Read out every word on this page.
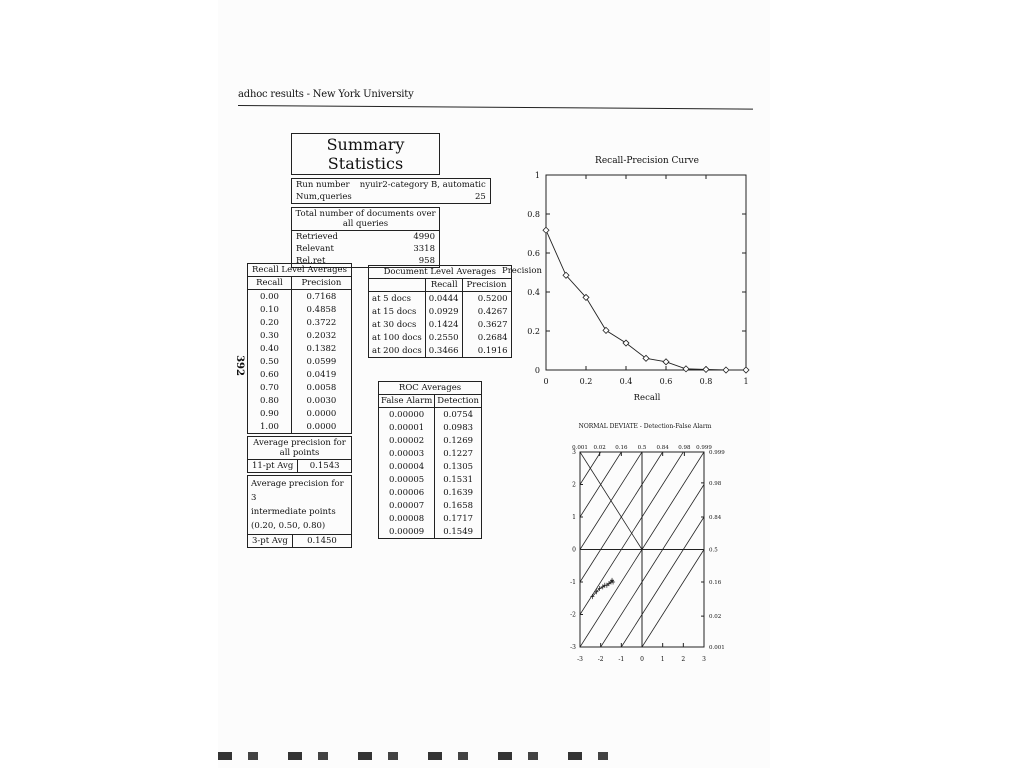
adhoc results - New York University
392
Summary Statistics
Run number	nyuir2-category B, automatic
Num,queries	25
Total number of documents over all queries
Retrieved	4990
Relevant	3318
Rel,ret	958
Recall Level Averages	
Recall	Precision
0.00	0.7168
0.10	0.4858
0.20	0.3722
0.30	0.2032
0.40	0.1382
0.50	0.0599
0.60	0.0419
0.70	0.0058
0.80	0.0030
0.90	0.0000
1.00	0.0000
Average precision for all points
11-pt Avg	0.1543
Average precision for 3
intermediate points
(0.20, 0.50, 0.80)
3-pt Avg	0.1450
Document Level Averages		
	Recall	Precision
at 5 docs	0.0444	0.5200
at 15 docs	0.0929	0.4267
at 30 docs	0.1424	0.3627
at 100 docs	0.2550	0.2684
at 200 docs	0.3466	0.1916
ROC Averages	
False Alarm	Detection
0.00000	0.0754
0.00001	0.0983
0.00002	0.1269
0.00003	0.1227
0.00004	0.1305
0.00005	0.1531
0.00006	0.1639
0.00007	0.1658
0.00008	0.1717
0.00009	0.1549
Recall-Precision Curve
Precision
Recall
0	0.2	0.4	0.6	0.8	1
0
0.2
0.4
0.6
0.8
1
NORMAL DEVIATE - Detection-False Alarm
-3 -2 -1	0	1	2	3
-3
-2
-1
0
1
2
3
0.001 0.02 0.16 0.5 0.84 0.98 0.999
0.001
0.02
0.16
0.5
0.84
0.98
0.999
